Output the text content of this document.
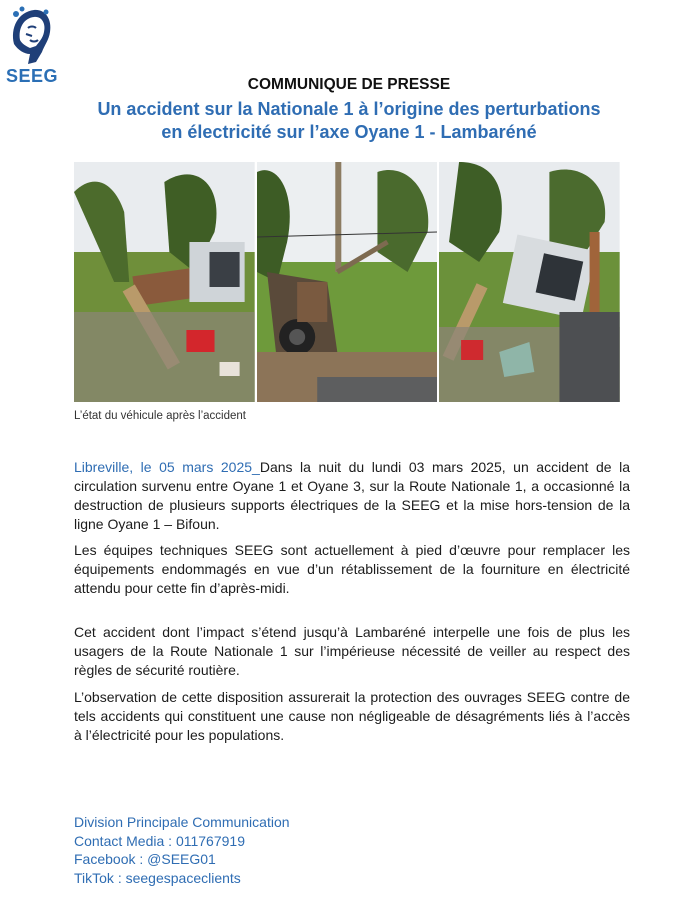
SEEG	COMMUNIQUE DE PRESSE
Un accident sur la Nationale 1 à l’origine des perturbations
en électricité sur l’axe Oyane 1 - Lambaréné
L’état du véhicule après l’accident
Libreville, le 05 mars 2025_Dans la nuit du lundi 03 mars 2025, un accident de la circulation survenu entre Oyane 1 et Oyane 3, sur la Route Nationale 1, a occasionné la destruction de plusieurs supports électriques de la SEEG et la mise hors-tension de la ligne Oyane 1 – Bifoun.
Les équipes techniques SEEG sont actuellement à pied d’œuvre pour remplacer les équipements endommagés en vue d’un rétablissement de la fourniture en électricité attendu pour cette fin d’après-midi.
Cet accident dont l’impact s’étend jusqu’à Lambaréné interpelle une fois de plus les usagers de la Route Nationale 1 sur l’impérieuse nécessité de veiller au respect des règles de sécurité routière.
L’observation de cette disposition assurerait la protection des ouvrages SEEG contre de tels accidents qui constituent une cause non négligeable de désagréments liés à l’accès à l’électricité pour les populations.
Division Principale Communication
Contact Media : 011767919
Facebook : @SEEG01
TikTok : seegespaceclients
